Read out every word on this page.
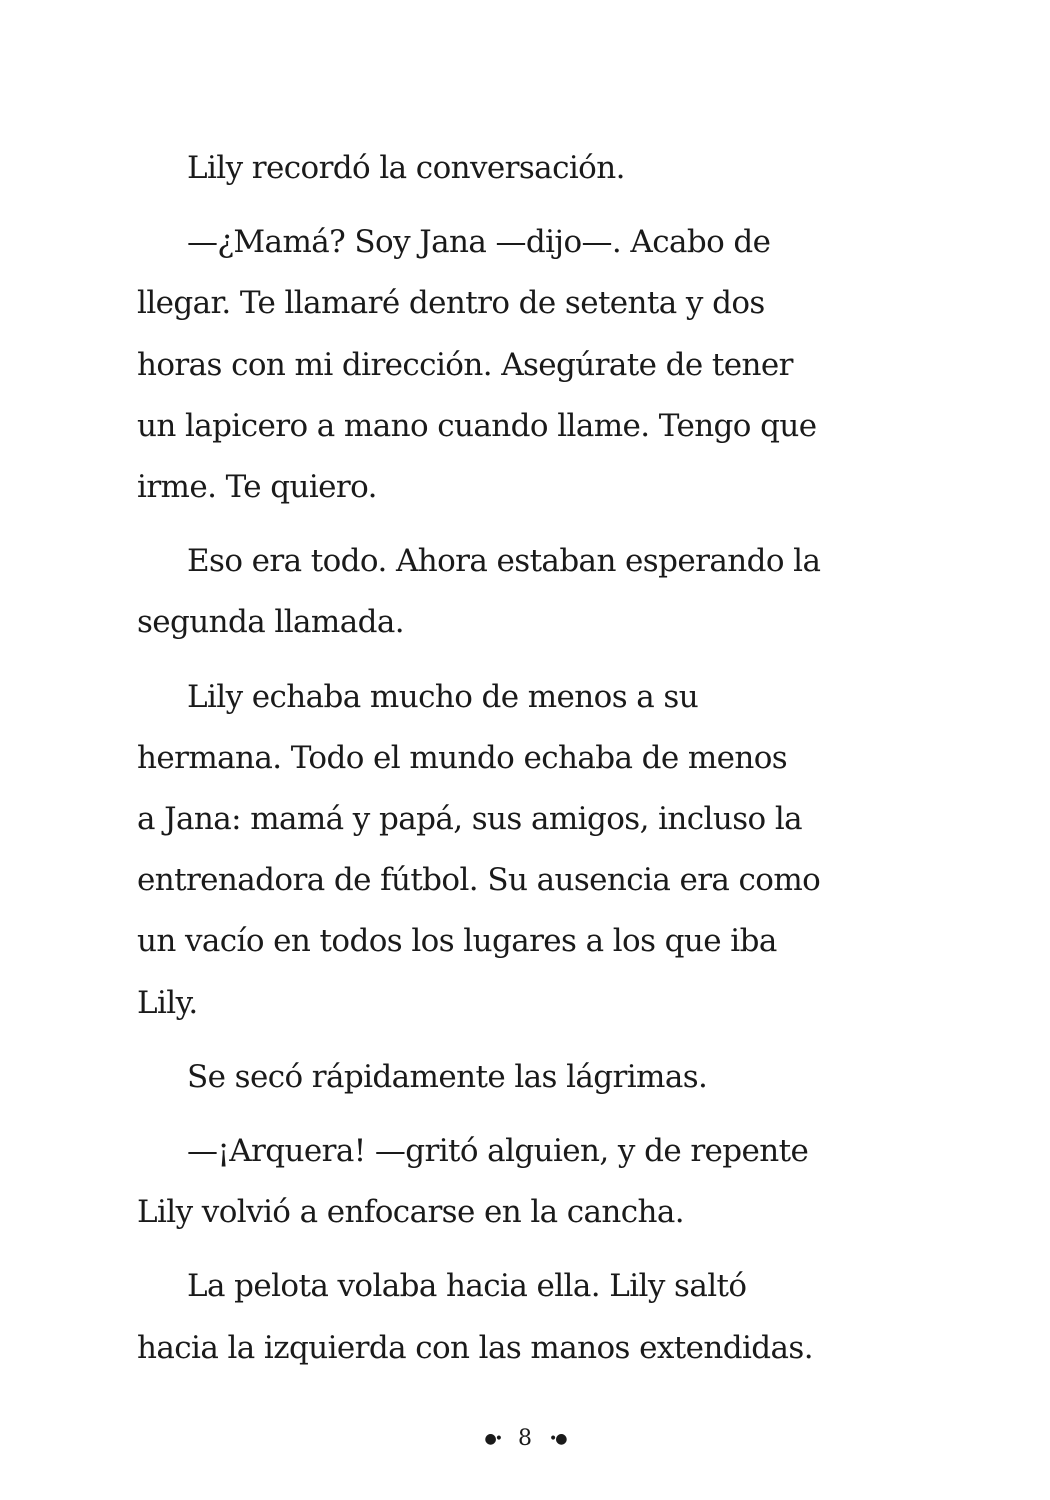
Lily recordó la conversación.

—¿Mamá? Soy Jana —dijo—. Acabo de
llegar. Te llamaré dentro de setenta y dos
horas con mi dirección. Asegúrate de tener
un lapicero a mano cuando llame. Tengo que
irme. Te quiero.

Eso era todo. Ahora estaban esperando la
segunda llamada.

Lily echaba mucho de menos a su
hermana. Todo el mundo echaba de menos
a Jana: mamá y papá, sus amigos, incluso la
entrenadora de fútbol. Su ausencia era como
un vacío en todos los lugares a los que iba
Lily.

Se secó rápidamente las lágrimas.

—¡Arquera! —gritó alguien, y de repente
Lily volvió a enfocarse en la cancha.

La pelota volaba hacia ella. Lily saltó
hacia la izquierda con las manos extendidas.

●• 8 •●
